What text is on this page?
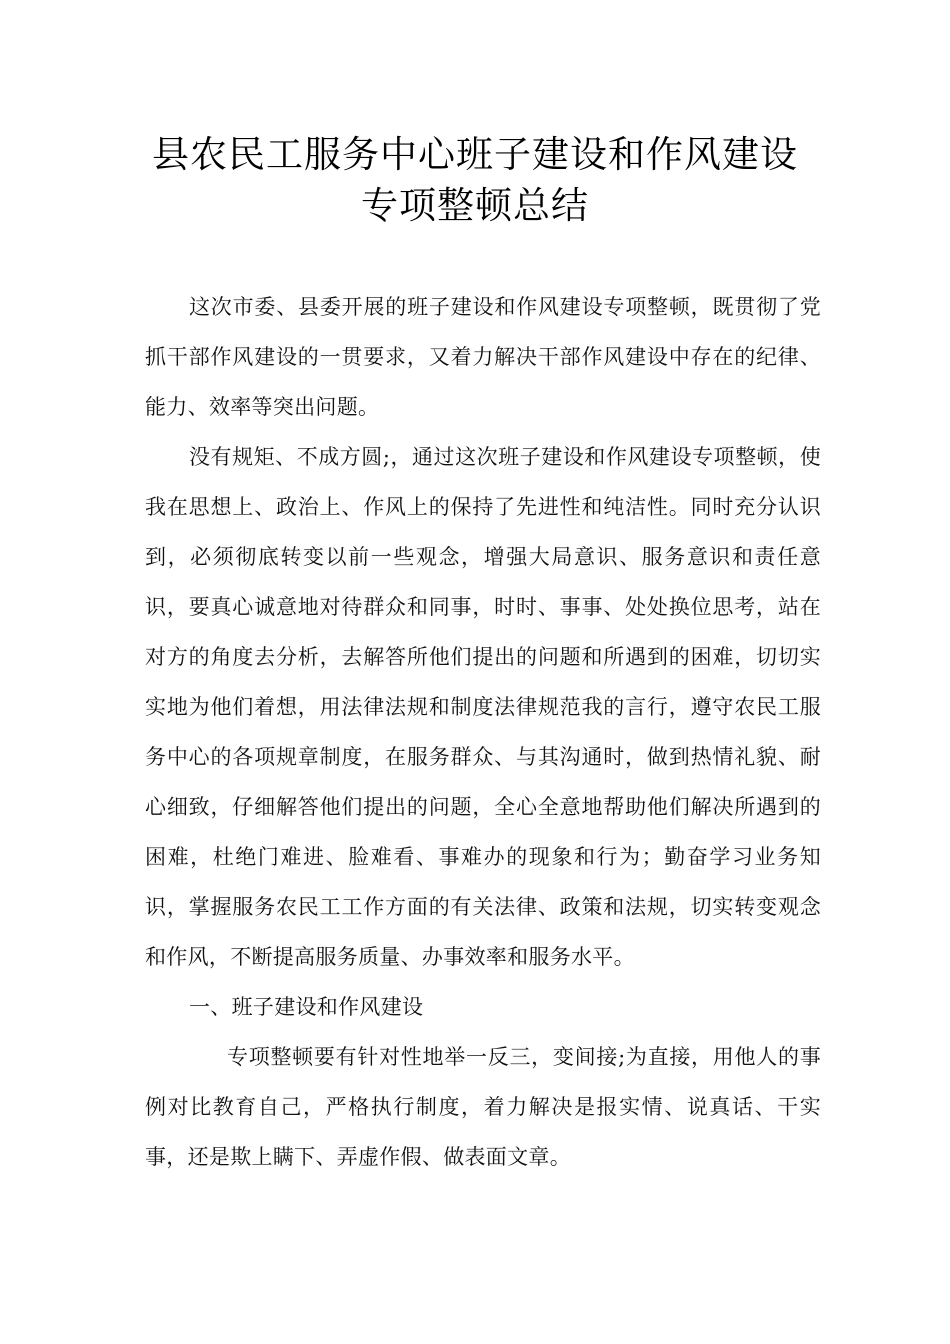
县农民工服务中心班子建设和作风建设
专项整顿总结

这次市委、县委开展的班子建设和作风建设专项整顿，既贯彻了党抓干部作风建设的一贯要求，又着力解决干部作风建设中存在的纪律、能力、效率等突出问题。

没有规矩、不成方圆;，通过这次班子建设和作风建设专项整顿，使我在思想上、政治上、作风上的保持了先进性和纯洁性。同时充分认识到，必须彻底转变以前一些观念，增强大局意识、服务意识和责任意识，要真心诚意地对待群众和同事，时时、事事、处处换位思考，站在对方的角度去分析，去解答所他们提出的问题和所遇到的困难，切切实实地为他们着想，用法律法规和制度法律规范我的言行，遵守农民工服务中心的各项规章制度，在服务群众、与其沟通时，做到热情礼貌、耐心细致，仔细解答他们提出的问题，全心全意地帮助他们解决所遇到的困难，杜绝门难进、脸难看、事难办的现象和行为；勤奋学习业务知识，掌握服务农民工工作方面的有关法律、政策和法规，切实转变观念和作风，不断提高服务质量、办事效率和服务水平。

一、班子建设和作风建设

专项整顿要有针对性地举一反三，变间接;为直接，用他人的事例对比教育自己，严格执行制度，着力解决是报实情、说真话、干实事，还是欺上瞒下、弄虚作假、做表面文章。
